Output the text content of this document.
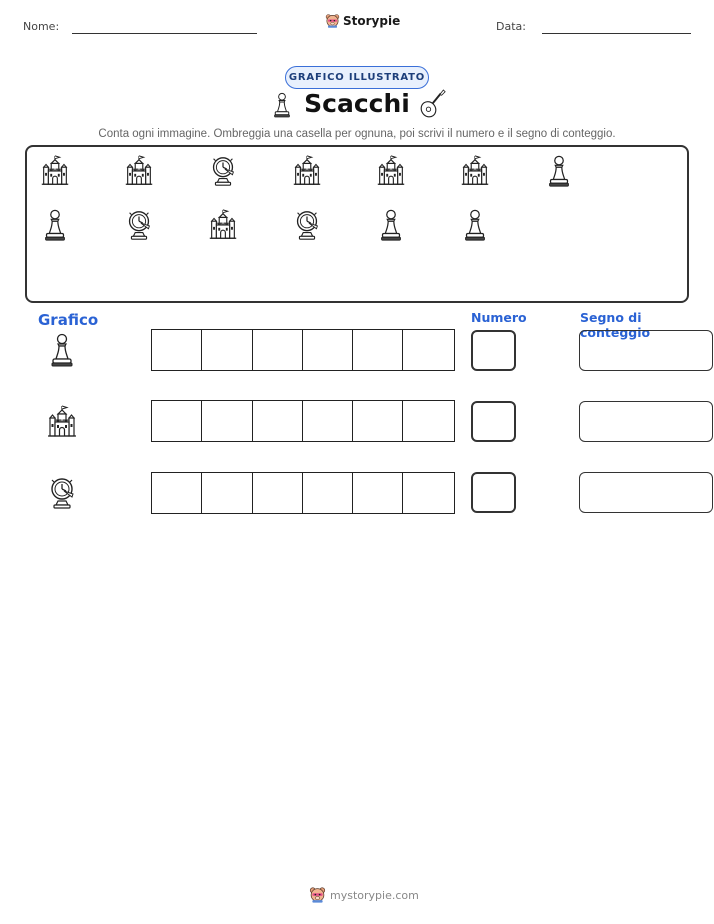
Nome:	Storypie	Data:
GRAFICO ILLUSTRATO
Scacchi
Conta ogni immagine. Ombreggia una casella per ognuna, poi scrivi il numero e il segno di conteggio.
Grafico	Numero	Segno di conteggio
mystorypie.com
